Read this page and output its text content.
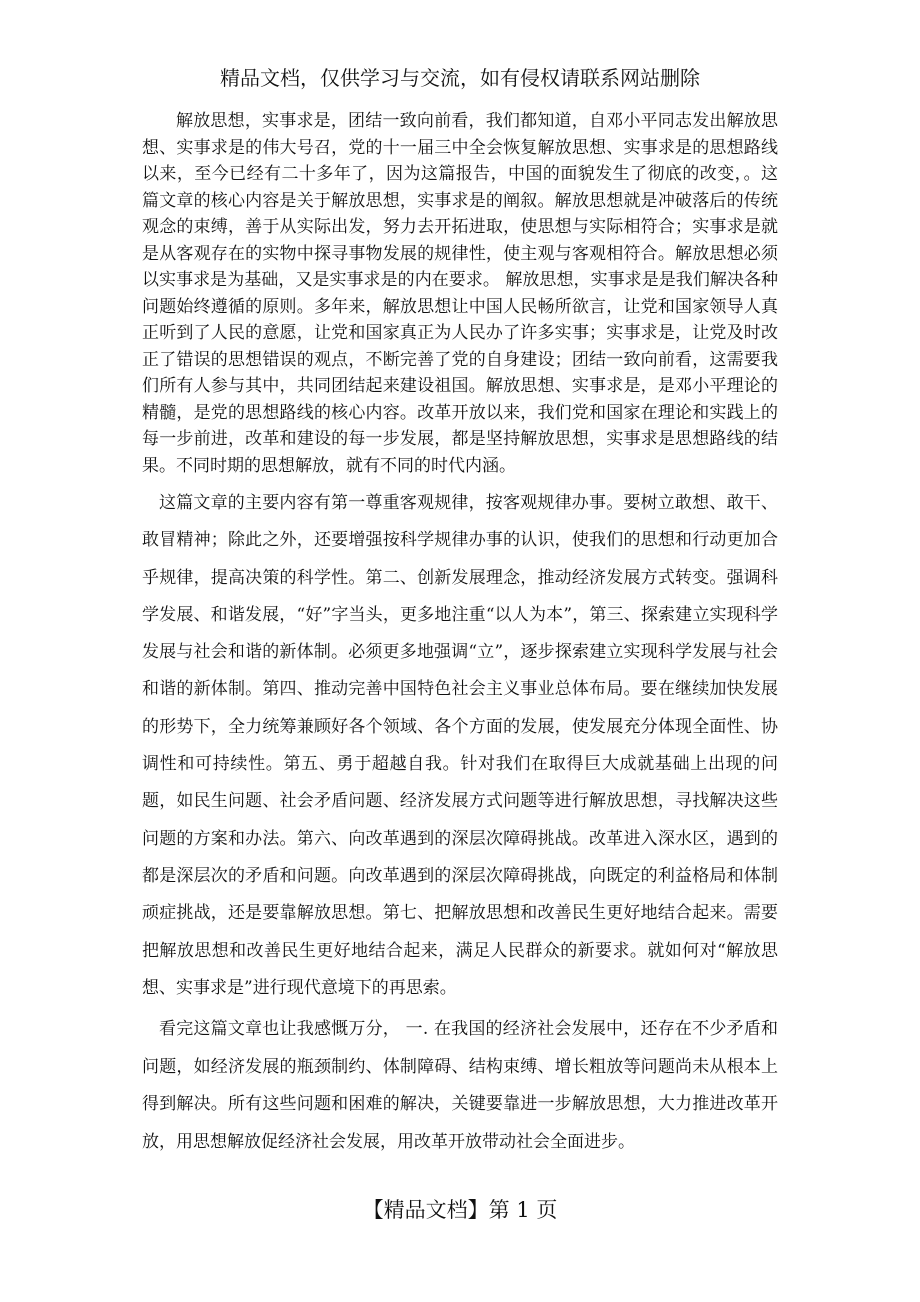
精品文档，仅供学习与交流，如有侵权请联系网站删除

解放思想，实事求是，团结一致向前看，我们都知道，自邓小平同志发出解放思想、实事求是的伟大号召，党的十一届三中全会恢复解放思想、实事求是的思想路线以来，至今已经有二十多年了，因为这篇报告，中国的面貌发生了彻底的改变，。这篇文章的核心内容是关于解放思想，实事求是的阐叙。解放思想就是冲破落后的传统观念的束缚，善于从实际出发，努力去开拓进取，使思想与实际相符合；实事求是就是从客观存在的实物中探寻事物发展的规律性，使主观与客观相符合。解放思想必须以实事求是为基础，又是实事求是的内在要求。 解放思想，实事求是是我们解决各种问题始终遵循的原则。多年来，解放思想让中国人民畅所欲言，让党和国家领导人真正听到了人民的意愿，让党和国家真正为人民办了许多实事；实事求是，让党及时改正了错误的思想错误的观点，不断完善了党的自身建设；团结一致向前看，这需要我们所有人参与其中，共同团结起来建设祖国。解放思想、实事求是，是邓小平理论的精髓，是党的思想路线的核心内容。改革开放以来，我们党和国家在理论和实践上的每一步前进，改革和建设的每一步发展，都是坚持解放思想，实事求是思想路线的结果。不同时期的思想解放，就有不同的时代内涵。

这篇文章的主要内容有第一尊重客观规律，按客观规律办事。要树立敢想、敢干、敢冒精神；除此之外，还要增强按科学规律办事的认识，使我们的思想和行动更加合乎规律，提高决策的科学性。第二、创新发展理念，推动经济发展方式转变。强调科学发展、和谐发展，“好”字当头，更多地注重“以人为本”，第三、探索建立实现科学发展与社会和谐的新体制。必须更多地强调“立”，逐步探索建立实现科学发展与社会和谐的新体制。第四、推动完善中国特色社会主义事业总体布局。要在继续加快发展的形势下，全力统筹兼顾好各个领域、各个方面的发展，使发展充分体现全面性、协调性和可持续性。第五、勇于超越自我。针对我们在取得巨大成就基础上出现的问题，如民生问题、社会矛盾问题、经济发展方式问题等进行解放思想，寻找解决这些问题的方案和办法。第六、向改革遇到的深层次障碍挑战。改革进入深水区，遇到的都是深层次的矛盾和问题。向改革遇到的深层次障碍挑战，向既定的利益格局和体制顽症挑战，还是要靠解放思想。第七、把解放思想和改善民生更好地结合起来。需要把解放思想和改善民生更好地结合起来，满足人民群众的新要求。就如何对“解放思想、实事求是”进行现代意境下的再思索。

看完这篇文章也让我感慨万分， 一. 在我国的经济社会发展中，还存在不少矛盾和问题，如经济发展的瓶颈制约、体制障碍、结构束缚、增长粗放等问题尚未从根本上得到解决。所有这些问题和困难的解决，关键要靠进一步解放思想，大力推进改革开放，用思想解放促经济社会发展，用改革开放带动社会全面进步。

【精品文档】第 1 页
